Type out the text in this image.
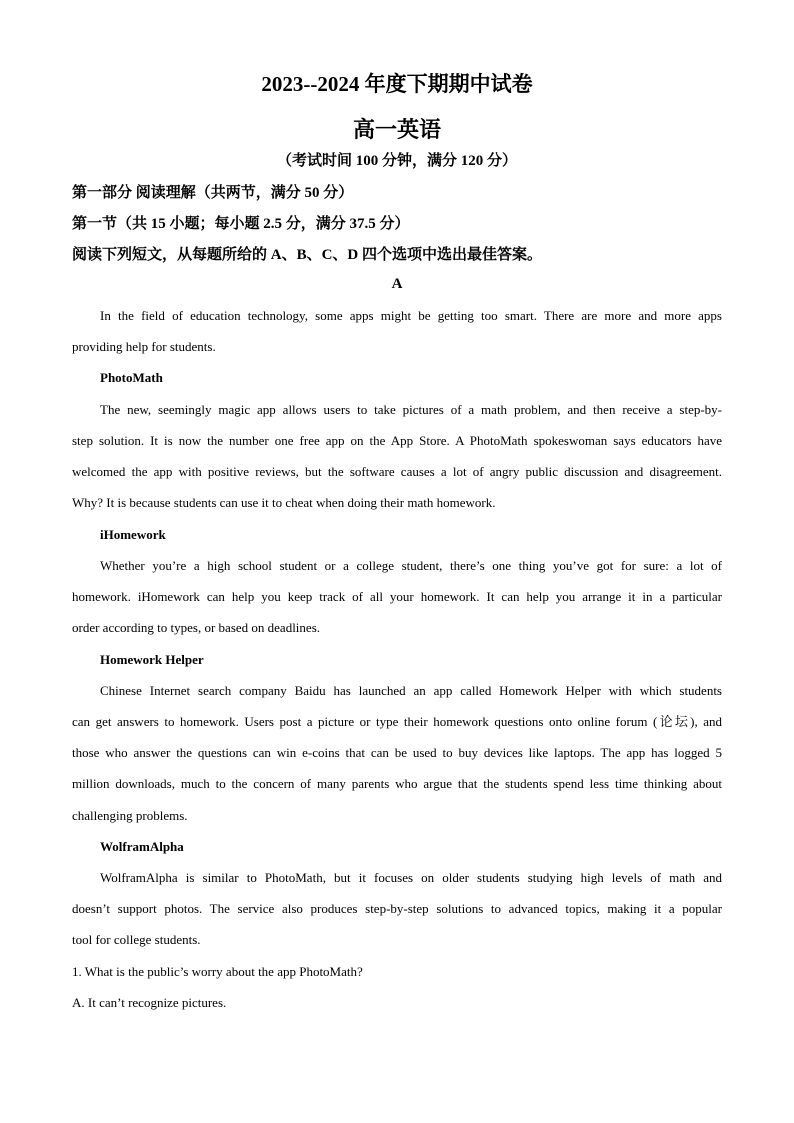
2023--2024 年度下期期中试卷
高一英语
（考试时间 100 分钟，满分 120 分）
第一部分 阅读理解（共两节，满分 50 分）
第一节（共 15 小题；每小题 2.5 分，满分 37.5 分）
阅读下列短文，从每题所给的 A、B、C、D 四个选项中选出最佳答案。
A
In the field of education technology, some apps might be getting too smart. There are more and more apps
providing help for students.
PhotoMath
The new, seemingly magic app allows users to take pictures of a math problem, and then receive a step-by-
step solution. It is now the number one free app on the App Store. A PhotoMath spokeswoman says educators have
welcomed the app with positive reviews, but the software causes a lot of angry public discussion and disagreement.
Why? It is because students can use it to cheat when doing their math homework.
iHomework
Whether you’re a high school student or a college student, there’s one thing you’ve got for sure: a lot of
homework. iHomework can help you keep track of all your homework. It can help you arrange it in a particular
order according to types, or based on deadlines.
Homework Helper
Chinese Internet search company Baidu has launched an app called Homework Helper with which students
can get answers to homework. Users post a picture or type their homework questions onto online forum (论坛), and
those who answer the questions can win e-coins that can be used to buy devices like laptops. The app has logged 5
million downloads, much to the concern of many parents who argue that the students spend less time thinking about
challenging problems.
WolframAlpha
WolframAlpha is similar to PhotoMath, but it focuses on older students studying high levels of math and
doesn’t support photos. The service also produces step-by-step solutions to advanced topics, making it a popular
tool for college students.
1. What is the public’s worry about the app PhotoMath?
A. It can’t recognize pictures.
